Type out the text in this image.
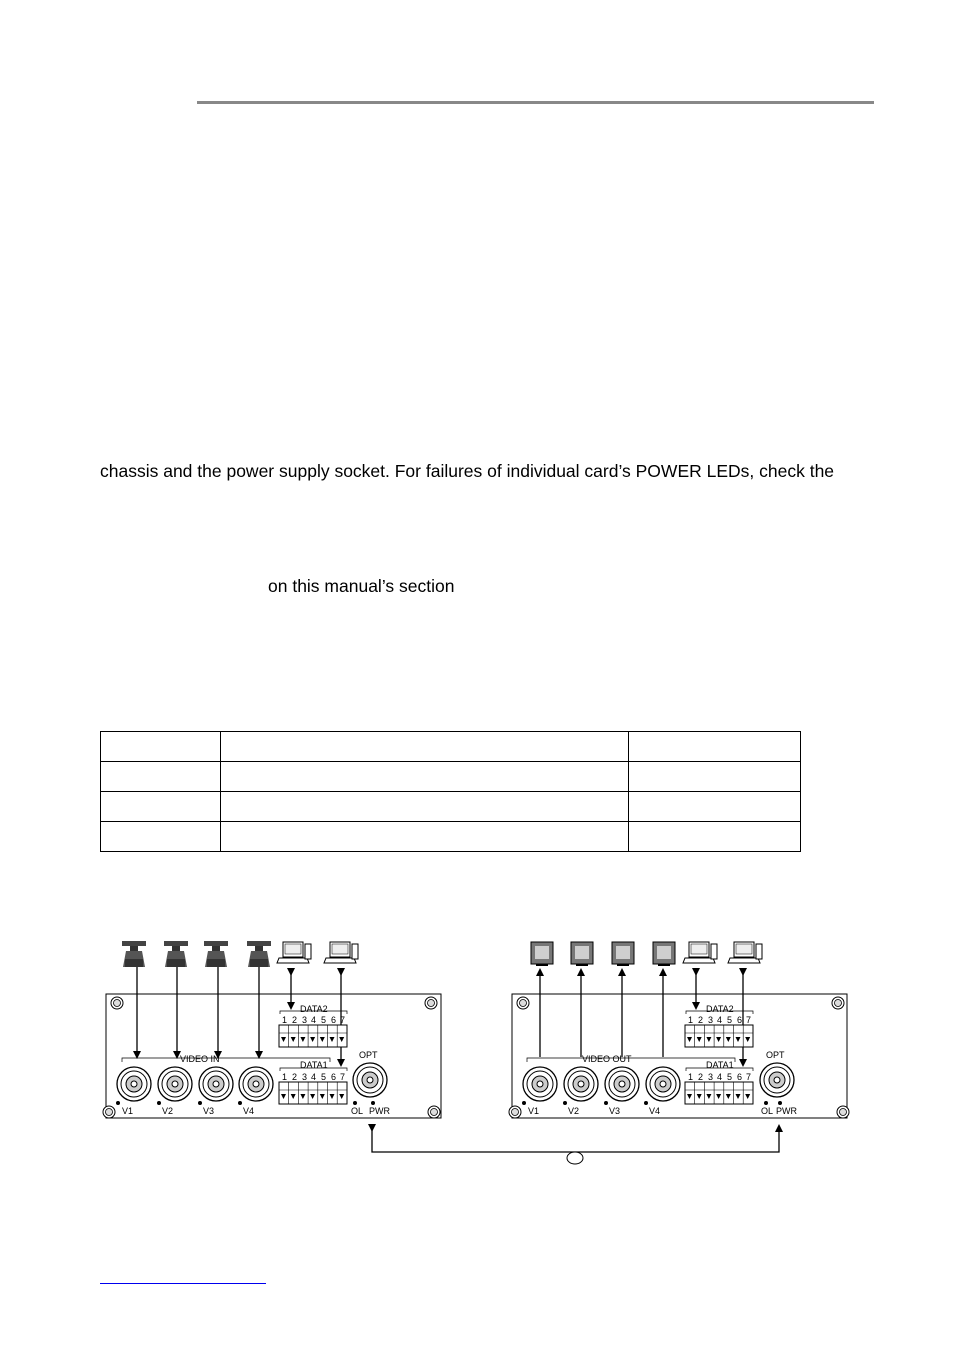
chassis and the power supply socket. For failures of individual card’s POWER LEDs, check the
on this manual’s section

DATA2
1 2 3 4 5 6 7
VIDEO IN
DATA1
1 2 3 4 5 6 7
OPT
V1	V2	V3	V4	OL PWR
DATA2
1 2 3 4 5 6 7
VIDEO OUT
DATA1
1 2 3 4 5 6 7
OPT
V1	V2	V3	V4	OL PWR
